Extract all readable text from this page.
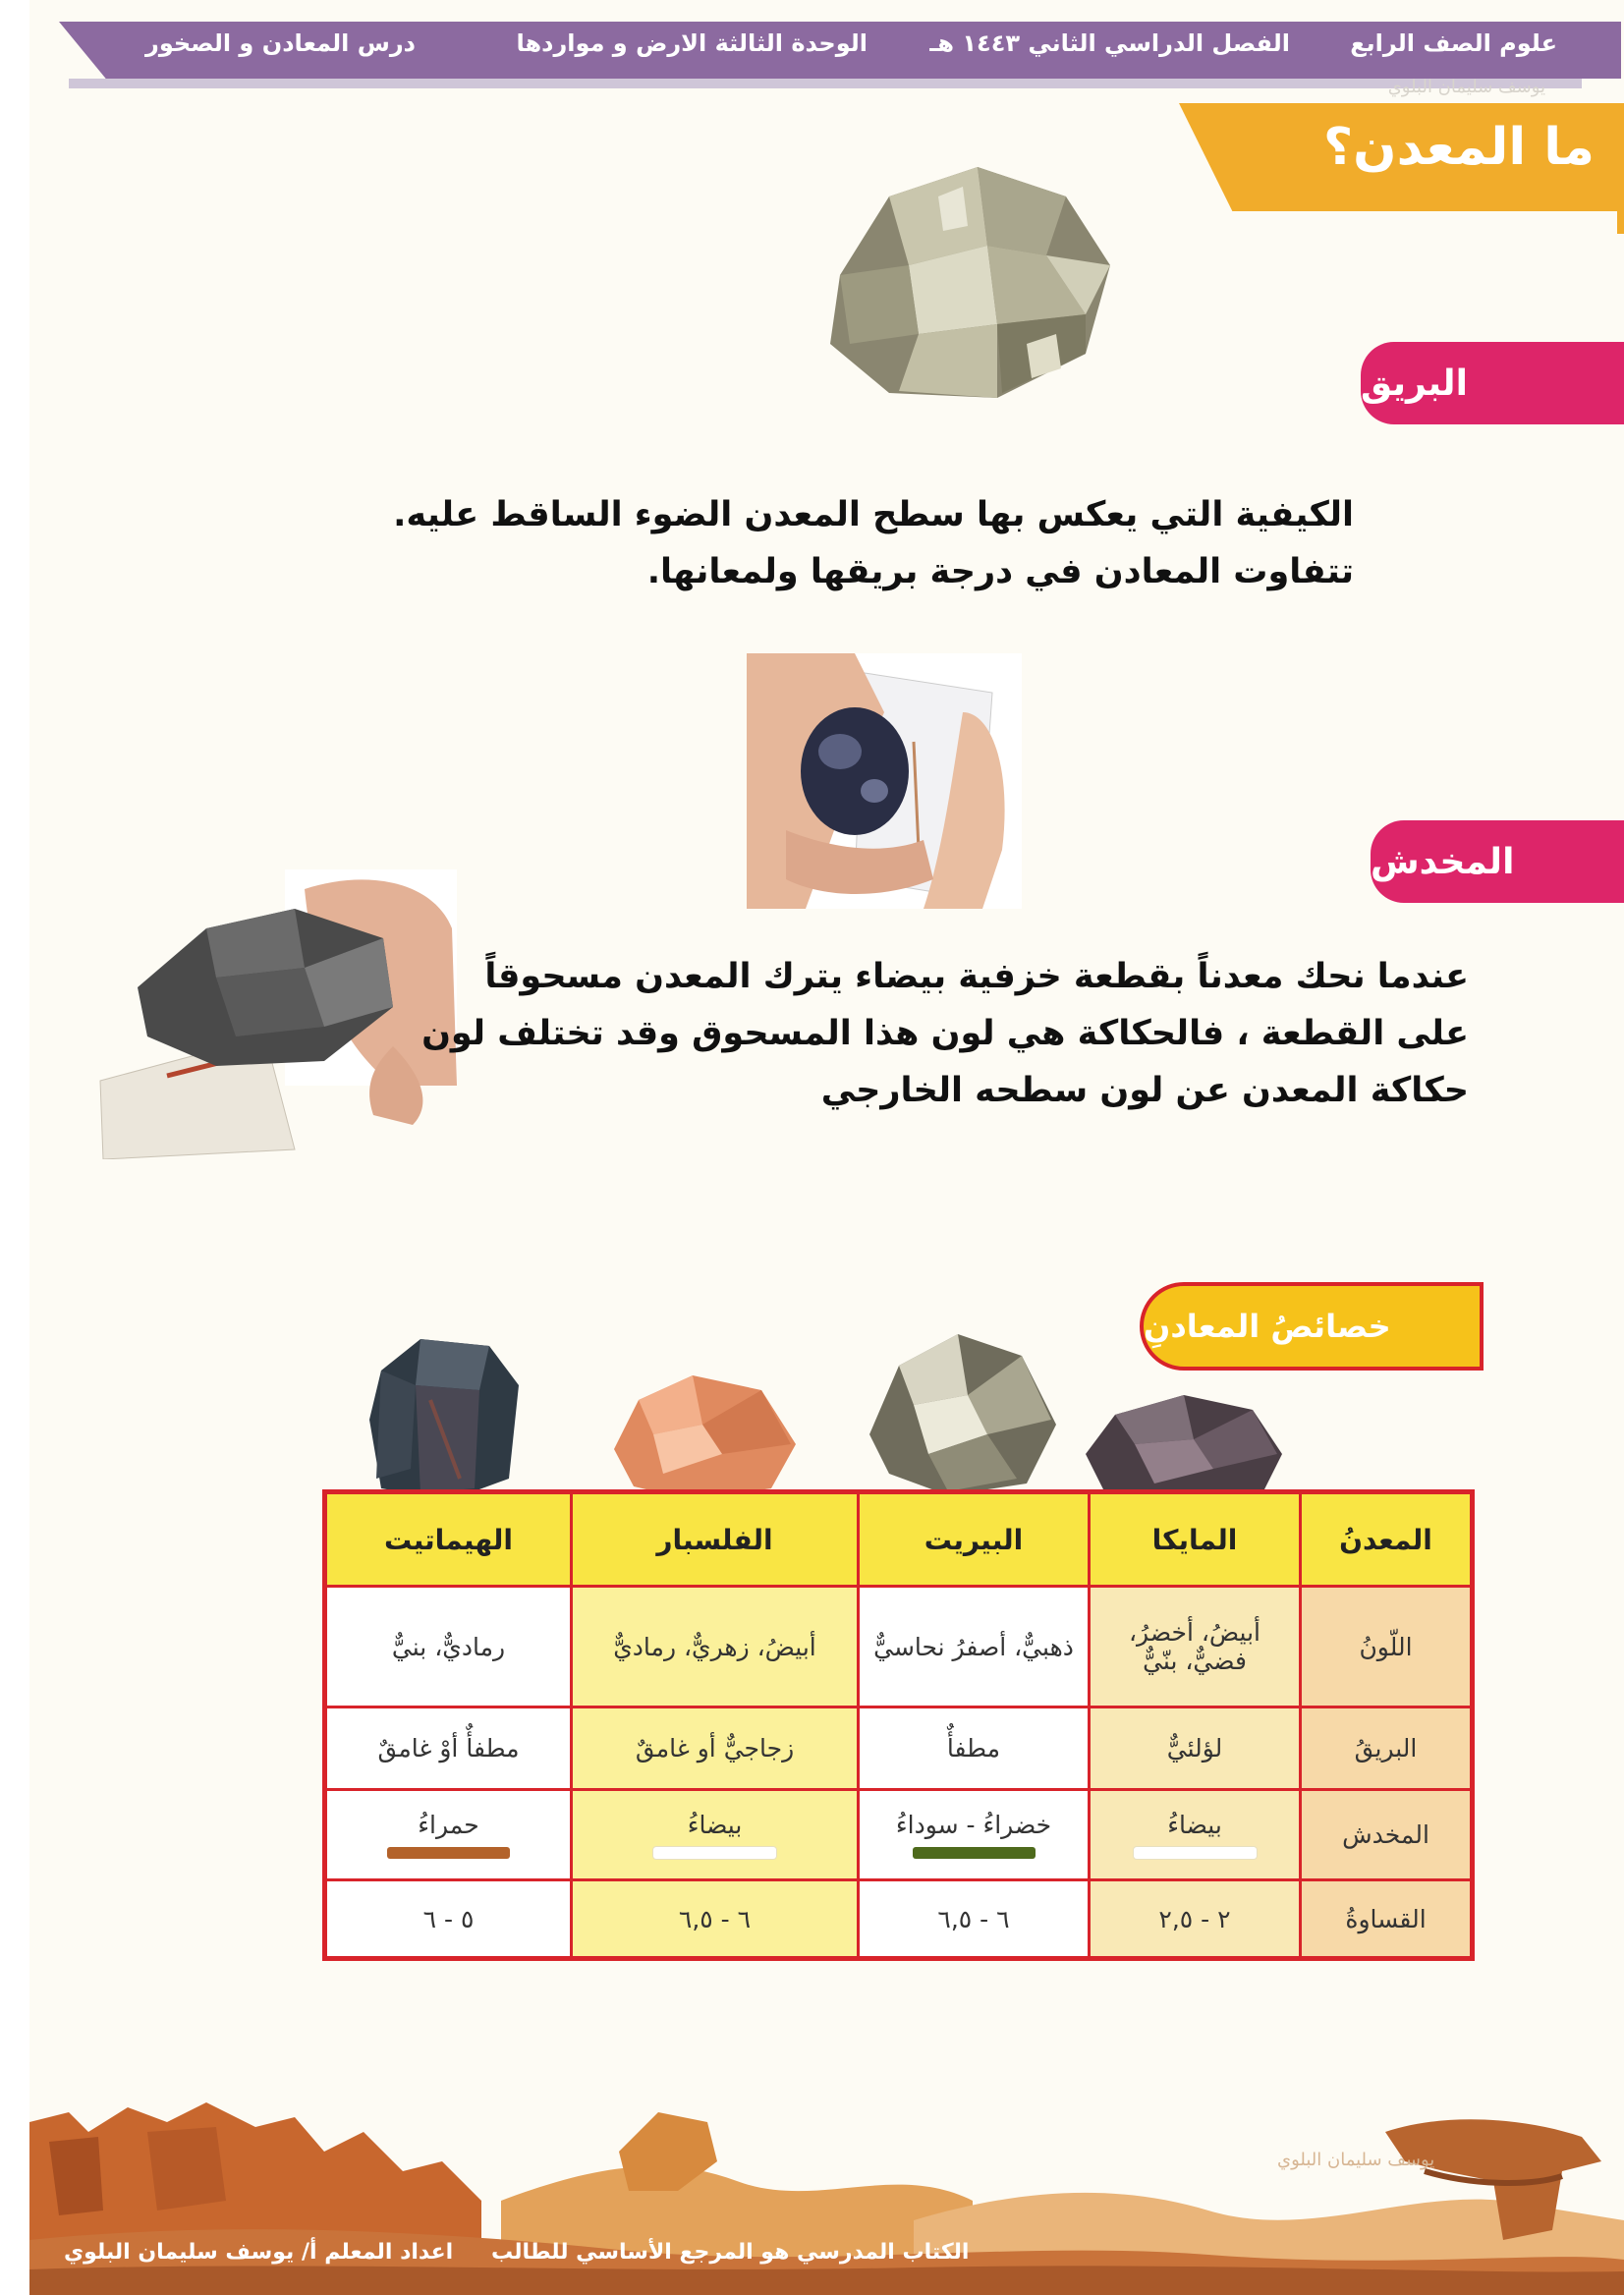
علوم الصف الرابع
الفصل الدراسي الثاني ١٤٤٣ هـ
الوحدة الثالثة الارض و مواردها
درس المعادن و الصخور
يوسف سليمان البلوي
ما المعدن؟
البريق
الكيفية التي يعكس بها سطح المعدن الضوء الساقط عليه.
تتفاوت المعادن في درجة بريقها ولمعانها.
المخدش
عندما نحك معدناً بقطعة خزفية بيضاء يترك المعدن مسحوقاً
على القطعة ، فالحكاكة هي لون هذا المسحوق وقد تختلف لون
حكاكة المعدن عن لون سطحه الخارجي
خصائصُ المعادنِ
المعدنُ	المايكا	البيريت	الفلسبار	الهيماتيت
اللّونُ	أبيضُ، أخضرُ، فضيٌّ، بنّيٌّ	ذهبيٌّ، أصفرُ نحاسيٌّ	أبيضُ، زهريٌّ، رماديٌّ	رماديٌّ، بنيٌّ
البريقُ	لؤلئيٌّ	مطفأٌ	زجاجيٌّ أو غامقٌ	مطفأٌ أوْ غامقٌ
المخدش	بيضاءُ	خضراءُ - سوداءُ	بيضاءُ	حمراءُ

القساوةُ	٢ - ٢,٥	٦ - ٦,٥	٦ - ٦,٥	٥ - ٦
يوسف سليمان البلوي
الكتاب المدرسي هو المرجع الأساسي للطالب
اعداد المعلم أ/ يوسف سليمان البلوي
